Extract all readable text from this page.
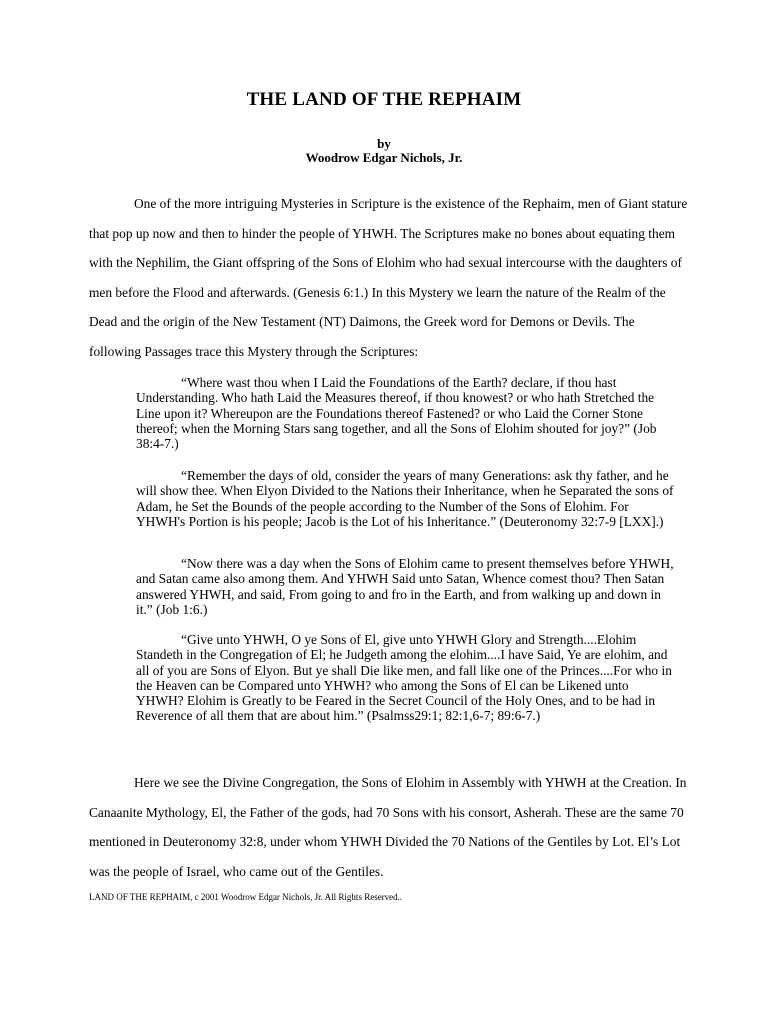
THE LAND OF THE REPHAIM
by
Woodrow Edgar Nichols, Jr.

One of the more intriguing Mysteries in Scripture is the existence of the Rephaim, men of Giant stature that pop up now and then to hinder the people of YHWH. The Scriptures make no bones about equating them with the Nephilim, the Giant offspring of the Sons of Elohim who had sexual intercourse with the daughters of men before the Flood and afterwards. (Genesis 6:1.) In this Mystery we learn the nature of the Realm of the Dead and the origin of the New Testament (NT) Daimons, the Greek word for Demons or Devils. The following Passages trace this Mystery through the Scriptures:

“Where wast thou when I Laid the Foundations of the Earth? declare, if thou hast Understanding. Who hath Laid the Measures thereof, if thou knowest? or who hath Stretched the Line upon it? Whereupon are the Foundations thereof Fastened? or who Laid the Corner Stone thereof; when the Morning Stars sang together, and all the Sons of Elohim shouted for joy?” (Job 38:4-7.)

“Remember the days of old, consider the years of many Generations: ask thy father, and he will show thee. When Elyon Divided to the Nations their Inheritance, when he Separated the sons of Adam, he Set the Bounds of the people according to the Number of the Sons of Elohim. For YHWH's Portion is his people; Jacob is the Lot of his Inheritance.” (Deuteronomy 32:7-9 [LXX].)

“Now there was a day when the Sons of Elohim came to present themselves before YHWH, and Satan came also among them. And YHWH Said unto Satan, Whence comest thou? Then Satan answered YHWH, and said, From going to and fro in the Earth, and from walking up and down in it.” (Job 1:6.)

“Give unto YHWH, O ye Sons of El, give unto YHWH Glory and Strength....Elohim Standeth in the Congregation of El; he Judgeth among the elohim....I have Said, Ye are elohim, and all of you are Sons of Elyon. But ye shall Die like men, and fall like one of the Princes....For who in the Heaven can be Compared unto YHWH? who among the Sons of El can be Likened unto YHWH? Elohim is Greatly to be Feared in the Secret Council of the Holy Ones, and to be had in Reverence of all them that are about him.” (Psalmss29:1; 82:1,6-7; 89:6-7.)

Here we see the Divine Congregation, the Sons of Elohim in Assembly with YHWH at the Creation. In Canaanite Mythology, El, the Father of the gods, had 70 Sons with his consort, Asherah. These are the same 70 mentioned in Deuteronomy 32:8, under whom YHWH Divided the 70 Nations of the Gentiles by Lot. El’s Lot was the people of Israel, who came out of the Gentiles.

LAND OF THE REPHAIM, c 2001 Woodrow Edgar Nichols, Jr. All Rights Reserved..
